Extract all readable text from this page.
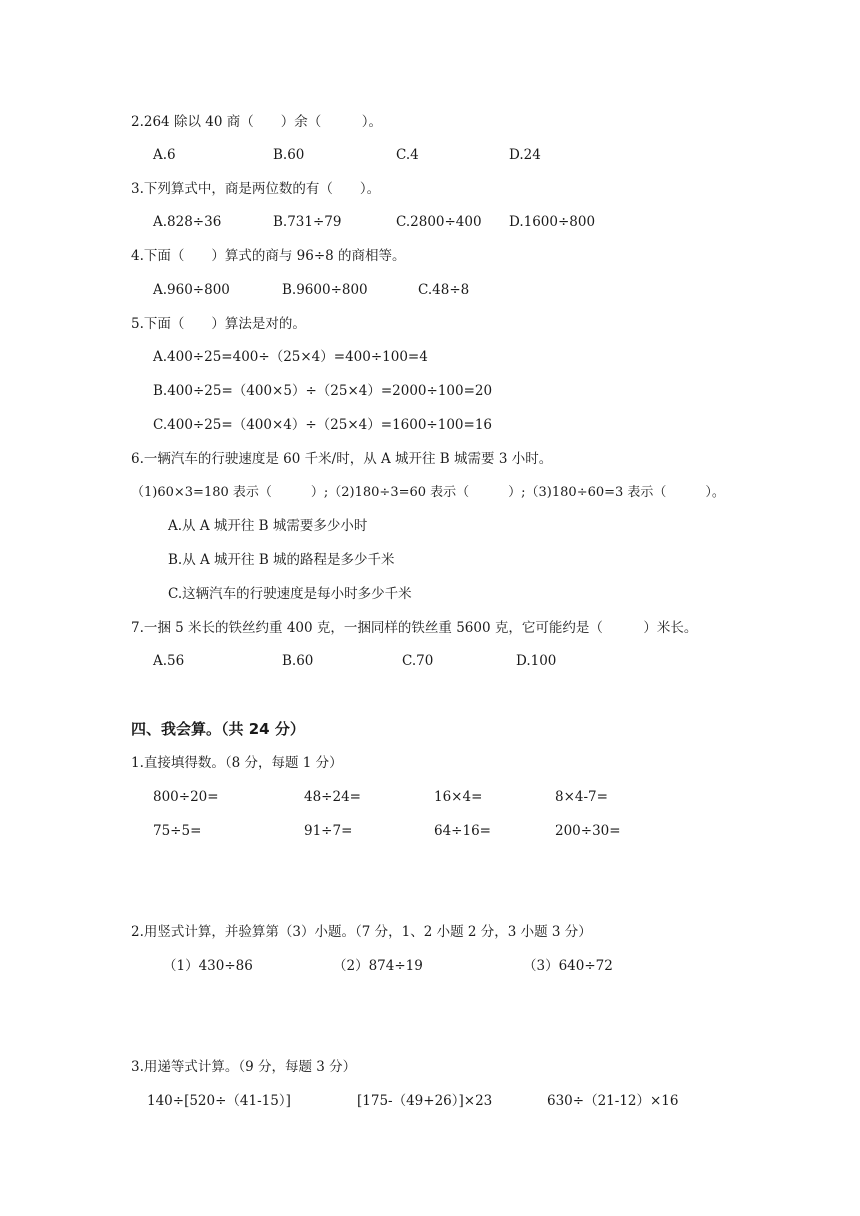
2.264 除以 40 商（　　）余（　　　）。
A.6	B.60	C.4	D.24
3.下列算式中，商是两位数的有（　　）。
A.828÷36	B.731÷79	C.2800÷400 D.1600÷800
4.下面（　　）算式的商与 96÷8 的商相等。
A.960÷800	B.9600÷800	C.48÷8
5.下面（　　）算法是对的。
A.400÷25=400÷（25×4）=400÷100=4
B.400÷25=（400×5）÷（25×4）=2000÷100=20
C.400÷25=（400×4）÷（25×4）=1600÷100=16
6.一辆汽车的行驶速度是 60 千米/时，从 A 城开往 B 城需要 3 小时。
（1)60×3=180 表示（　　　）;（2)180÷3=60 表示（　　　）;（3)180÷60=3 表示（　　　）。
A.从 A 城开往 B 城需要多少小时
B.从 A 城开往 B 城的路程是多少千米
C.这辆汽车的行驶速度是每小时多少千米
7.一捆 5 米长的铁丝约重 400 克，一捆同样的铁丝重 5600 克，它可能约是（　　　）米长。
A.56	B.60	C.70	D.100
四、我会算。（共 24 分）
1.直接填得数。（8 分，每题 1 分）
800÷20=	48÷24=	16×4=	8×4-7=
75÷5=	91÷7=	64÷16=	200÷30=
2.用竖式计算，并验算第（3）小题。（7 分，1、2 小题 2 分，3 小题 3 分）
（1）430÷86	（2）874÷19	（3）640÷72
3.用递等式计算。（9 分，每题 3 分）
140÷[520÷（41-15）]	[175-（49+26）]×23	630÷（21-12）×16
